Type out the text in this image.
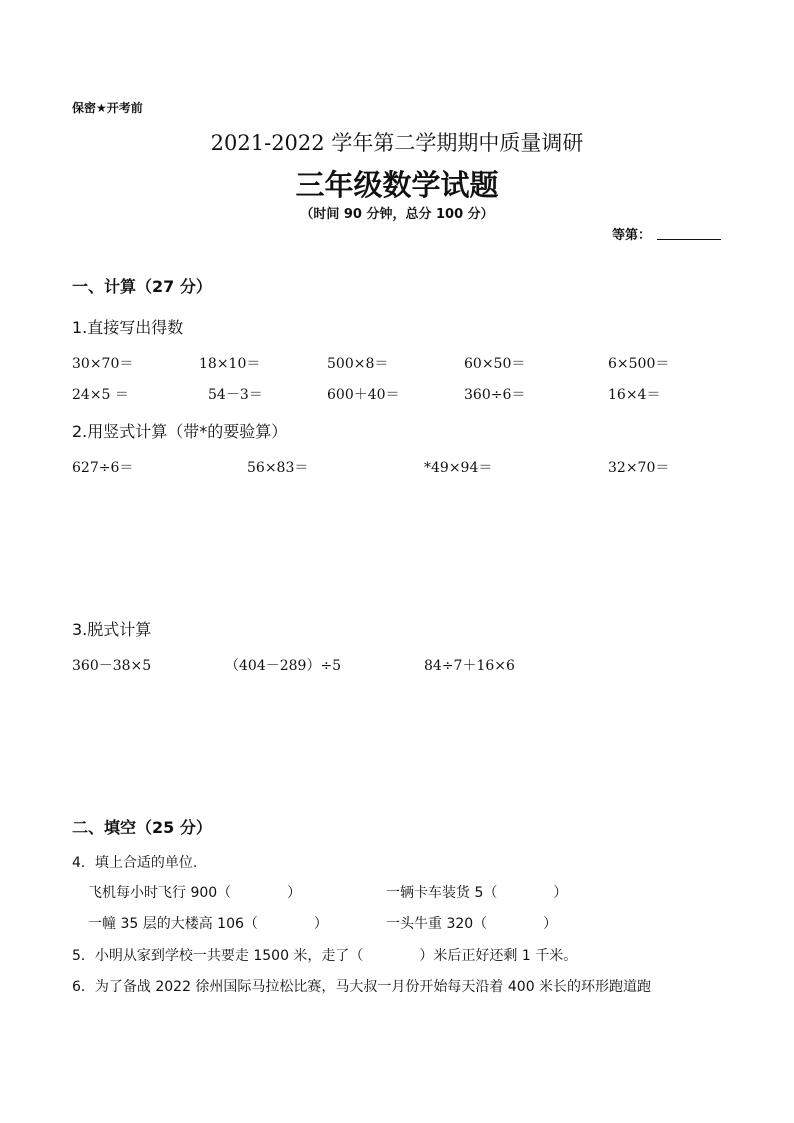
保密★开考前
2021-2022 学年第二学期期中质量调研
三年级数学试题
（时间 90 分钟，总分 100 分）
等第：
一、计算（27 分）
1.直接写出得数
30×70＝	18×10＝	500×8＝	60×50＝	6×500＝
24×5 ＝	54－3＝	600＋40＝	360÷6＝	16×4＝
2.用竖式计算（带*的要验算）
627÷6＝	56×83＝	*49×94＝	32×70＝
3.脱式计算
360－38×5	（404－289）÷5	84÷7＋16×6
二、填空（25 分）
4．填上合适的单位.
飞机每小时飞行 900（　　　　）	一辆卡车装货 5（　　　　）
一幢 35 层的大楼高 106（　　　　）	一头牛重 320（　　　　）
5．小明从家到学校一共要走 1500 米，走了（　　　　）米后正好还剩 1 千米。
6．为了备战 2022 徐州国际马拉松比赛，马大叔一月份开始每天沿着 400 米长的环形跑道跑
